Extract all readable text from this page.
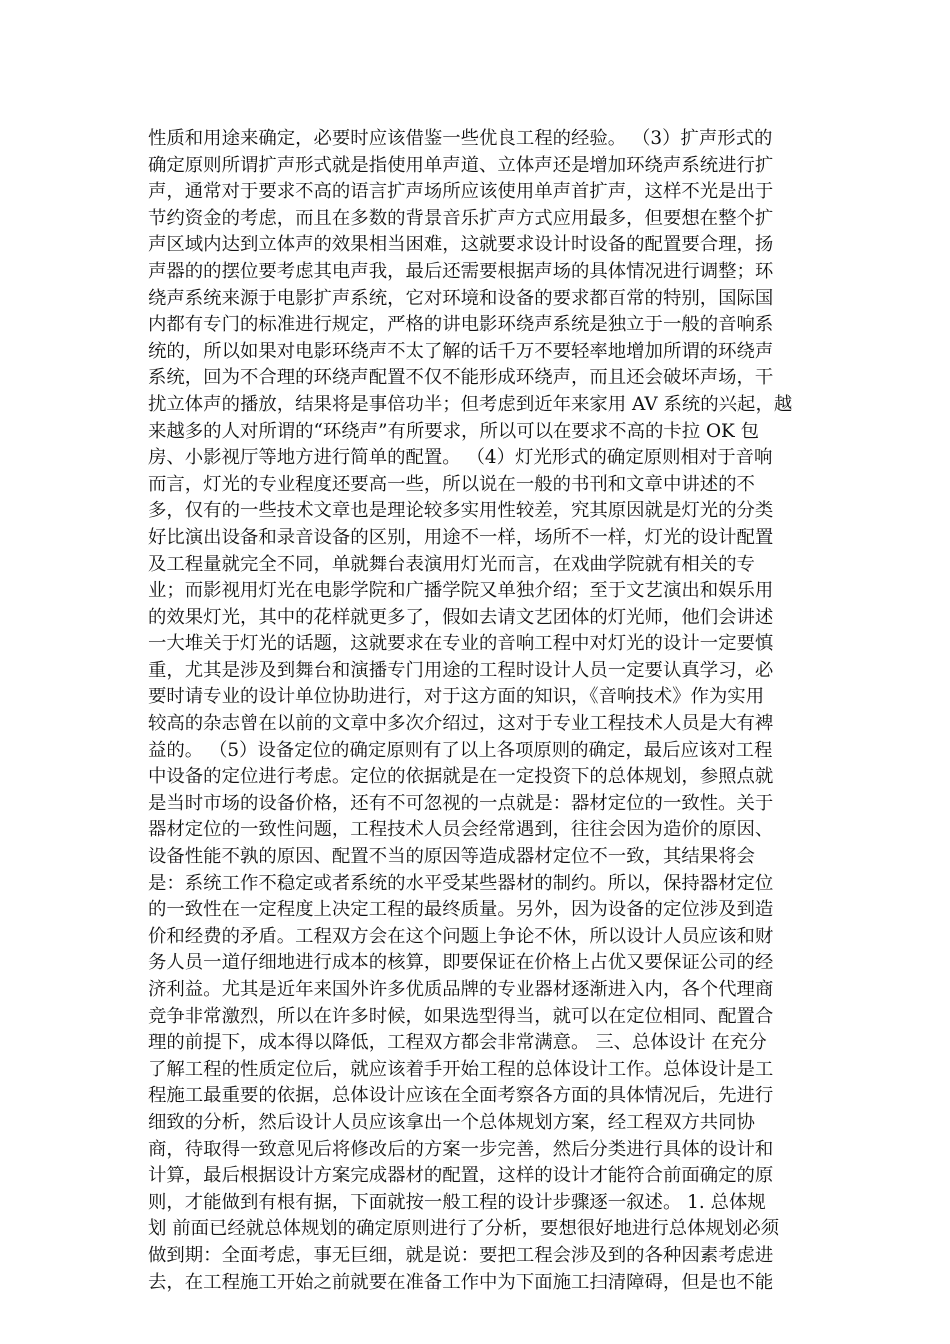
性质和用途来确定，必要时应该借鉴一些优良工程的经验。 （3）扩声形式的
确定原则所谓扩声形式就是指使用单声道、立体声还是增加环绕声系统进行扩
声，通常对于要求不高的语言扩声场所应该使用单声首扩声，这样不光是出于
节约资金的考虑，而且在多数的背景音乐扩声方式应用最多，但要想在整个扩
声区域内达到立体声的效果相当困难，这就要求设计时设备的配置要合理，扬
声器的的摆位要考虑其电声我，最后还需要根据声场的具体情况进行调整；环
绕声系统来源于电影扩声系统，它对环境和设备的要求都百常的特别，国际国
内都有专门的标准进行规定，严格的讲电影环绕声系统是独立于一般的音响系
统的，所以如果对电影环绕声不太了解的话千万不要轻率地增加所谓的环绕声
系统，回为不合理的环绕声配置不仅不能形成环绕声，而且还会破坏声场，干
扰立体声的播放，结果将是事倍功半；但考虑到近年来家用 AV 系统的兴起，越
来越多的人对所谓的“环绕声”有所要求，所以可以在要求不高的卡拉 OK 包
房、小影视厅等地方进行简单的配置。 （4）灯光形式的确定原则相对于音响
而言，灯光的专业程度还要高一些，所以说在一般的书刊和文章中讲述的不
多，仅有的一些技术文章也是理论较多实用性较差，究其原因就是灯光的分类
好比演出设备和录音设备的区别，用途不一样，场所不一样，灯光的设计配置
及工程量就完全不同，单就舞台表演用灯光而言，在戏曲学院就有相关的专
业；而影视用灯光在电影学院和广播学院又单独介绍；至于文艺演出和娱乐用
的效果灯光，其中的花样就更多了，假如去请文艺团体的灯光师，他们会讲述
一大堆关于灯光的话题，这就要求在专业的音响工程中对灯光的设计一定要慎
重，尤其是涉及到舞台和演播专门用途的工程时设计人员一定要认真学习，必
要时请专业的设计单位协助进行，对于这方面的知识，《音响技术》作为实用
较高的杂志曾在以前的文章中多次介绍过，这对于专业工程技术人员是大有裨
益的。 （5）设备定位的确定原则有了以上各项原则的确定，最后应该对工程
中设备的定位进行考虑。定位的依据就是在一定投资下的总体规划，参照点就
是当时市场的设备价格，还有不可忽视的一点就是：器材定位的一致性。关于
器材定位的一致性问题，工程技术人员会经常遇到，往往会因为造价的原因、
设备性能不孰的原因、配置不当的原因等造成器材定位不一致，其结果将会
是：系统工作不稳定或者系统的水平受某些器材的制约。所以，保持器材定位
的一致性在一定程度上决定工程的最终质量。另外，因为设备的定位涉及到造
价和经费的矛盾。工程双方会在这个问题上争论不休，所以设计人员应该和财
务人员一道仔细地进行成本的核算，即要保证在价格上占优又要保证公司的经
济利益。尤其是近年来国外许多优质品牌的专业器材逐渐进入内，各个代理商
竞争非常激烈，所以在许多时候，如果选型得当，就可以在定位相同、配置合
理的前提下，成本得以降低，工程双方都会非常满意。 三、总体设计 在充分
了解工程的性质定位后，就应该着手开始工程的总体设计工作。总体设计是工
程施工最重要的依据，总体设计应该在全面考察各方面的具体情况后，先进行
细致的分析，然后设计人员应该拿出一个总体规划方案，经工程双方共同协
商，待取得一致意见后将修改后的方案一步完善，然后分类进行具体的设计和
计算，最后根据设计方案完成器材的配置，这样的设计才能符合前面确定的原
则，才能做到有根有据，下面就按一般工程的设计步骤逐一叙述。 1. 总体规
划 前面已经就总体规划的确定原则进行了分析，要想很好地进行总体规划必须
做到期：全面考虑，事无巨细，就是说：要把工程会涉及到的各种因素考虑进
去，在工程施工开始之前就要在准备工作中为下面施工扫清障碍，但是也不能
